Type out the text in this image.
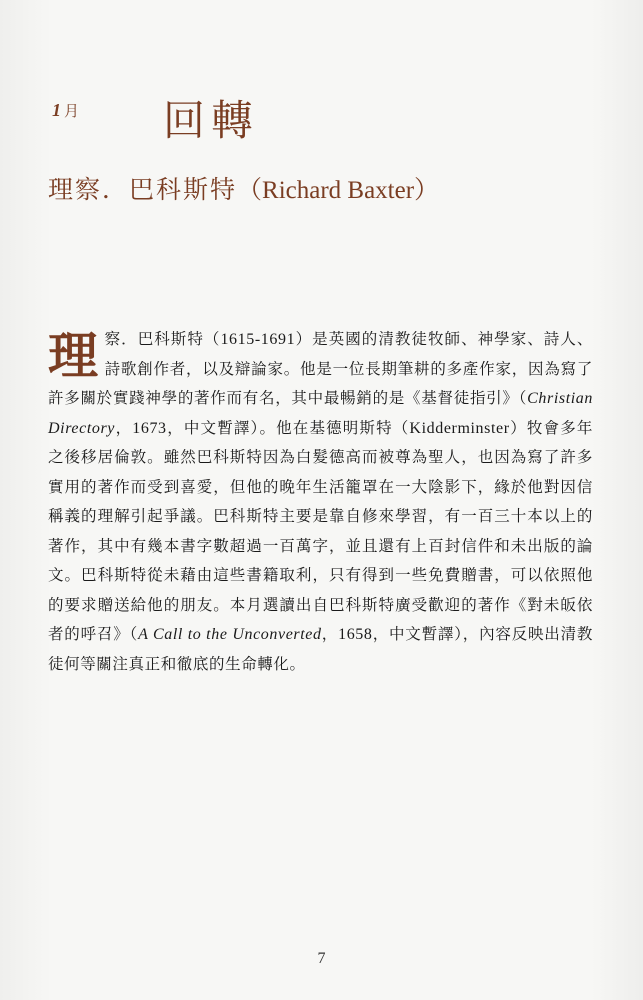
1 月 回轉
理察．巴科斯特（Richard Baxter）
理察．巴科斯特（1615-1691）是英國的清教徒牧師、神學家、詩人、詩歌創作者，以及辯論家。他是一位長期筆耕的多產作家，因為寫了許多關於實踐神學的著作而有名，其中最暢銷的是《基督徒指引》（Christian Directory，1673，中文暫譯）。他在基德明斯特（Kidderminster）牧會多年之後移居倫敦。雖然巴科斯特因為白髮德高而被尊為聖人，也因為寫了許多實用的著作而受到喜愛，但他的晚年生活籠罩在一大陰影下，緣於他對因信稱義的理解引起爭議。巴科斯特主要是靠自修來學習，有一百三十本以上的著作，其中有幾本書字數超過一百萬字，並且還有上百封信件和未出版的論文。巴科斯特從未藉由這些書籍取利，只有得到一些免費贈書，可以依照他的要求贈送給他的朋友。本月選讀出自巴科斯特廣受歡迎的著作《對未皈依者的呼召》（A Call to the Unconverted，1658，中文暫譯），內容反映出清教徒何等關注真正和徹底的生命轉化。
7
